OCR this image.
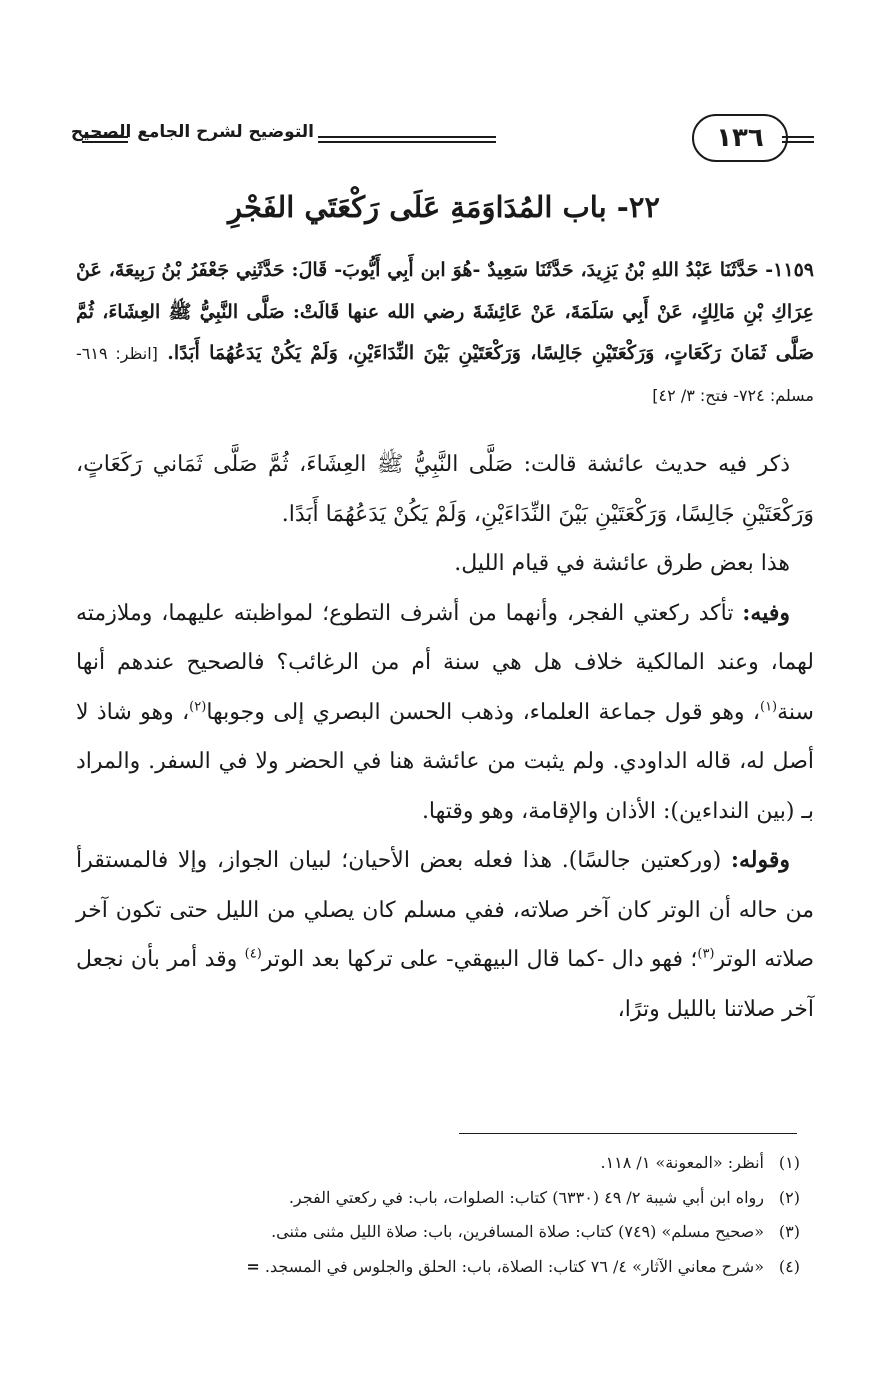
١٣٦
التوضيح لشرح الجامع الصحيح
٢٢- باب المُدَاوَمَةِ عَلَى رَكْعَتَي الفَجْرِ
١١٥٩- حَدَّثَنَا عَبْدُ اللهِ بْنُ يَزِيدَ، حَدَّثَنَا سَعِيدٌ -هُوَ ابن أَبِي أَيُّوبَ- قَالَ: حَدَّثَنِي جَعْفَرُ بْنُ رَبِيعَةَ، عَنْ عِرَاكِ بْنِ مَالِكٍ، عَنْ أَبِي سَلَمَةَ، عَنْ عَائِشَةَ رضي الله عنها قَالَتْ: صَلَّى النَّبِيُّ ﷺ العِشَاءَ، ثُمَّ صَلَّى ثَمَانَ رَكَعَاتٍ، وَرَكْعَتَيْنِ جَالِسًا، وَرَكْعَتَيْنِ بَيْنَ النِّدَاءَيْنِ، وَلَمْ يَكُنْ يَدَعُهُمَا أَبَدًا. [انظر: ٦١٩- مسلم: ٧٢٤- فتح: ٣/ ٤٢]

ذكر فيه حديث عائشة قالت: صَلَّى النَّبِيُّ ﷺ العِشَاءَ، ثُمَّ صَلَّى ثَمَاني رَكَعَاتٍ، وَرَكْعَتَيْنِ جَالِسًا، وَرَكْعَتَيْنِ بَيْنَ النِّدَاءَيْنِ، وَلَمْ يَكُنْ يَدَعُهُمَا أَبَدًا.

هذا بعض طرق عائشة في قيام الليل.

وفيه: تأكد ركعتي الفجر، وأنهما من أشرف التطوع؛ لمواظبته عليهما، وملازمته لهما، وعند المالكية خلاف هل هي سنة أم من الرغائب؟ فالصحيح عندهم أنها سنة$^{(١)}$، وهو قول جماعة العلماء، وذهب الحسن البصري إلى وجوبها$^{(٢)}$، وهو شاذ لا أصل له، قاله الداودي. ولم يثبت من عائشة هنا في الحضر ولا في السفر. والمراد بـ (بين النداءين): الأذان والإقامة، وهو وقتها.

وقوله: (وركعتين جالسًا). هذا فعله بعض الأحيان؛ لبيان الجواز، وإلا فالمستقرأ من حاله أن الوتر كان آخر صلاته، ففي مسلم كان يصلي من الليل حتى تكون آخر صلاته الوتر$^{(٣)}$؛ فهو دال -كما قال البيهقي- على تركها بعد الوتر$^{(٤)}$ وقد أمر بأن نجعل آخر صلاتنا بالليل وترًا،

(١)أنظر: «المعونة» ١/ ١١٨.
(٢)رواه ابن أبي شيبة ٢/ ٤٩ (٦٣٣٠) كتاب: الصلوات، باب: في ركعتي الفجر.
(٣)«صحيح مسلم» (٧٤٩) كتاب: صلاة المسافرين، باب: صلاة الليل مثنى مثنى.
(٤)«شرح معاني الآثار» ٤/ ٧٦ كتاب: الصلاة، باب: الحلق والجلوس في المسجد. =
